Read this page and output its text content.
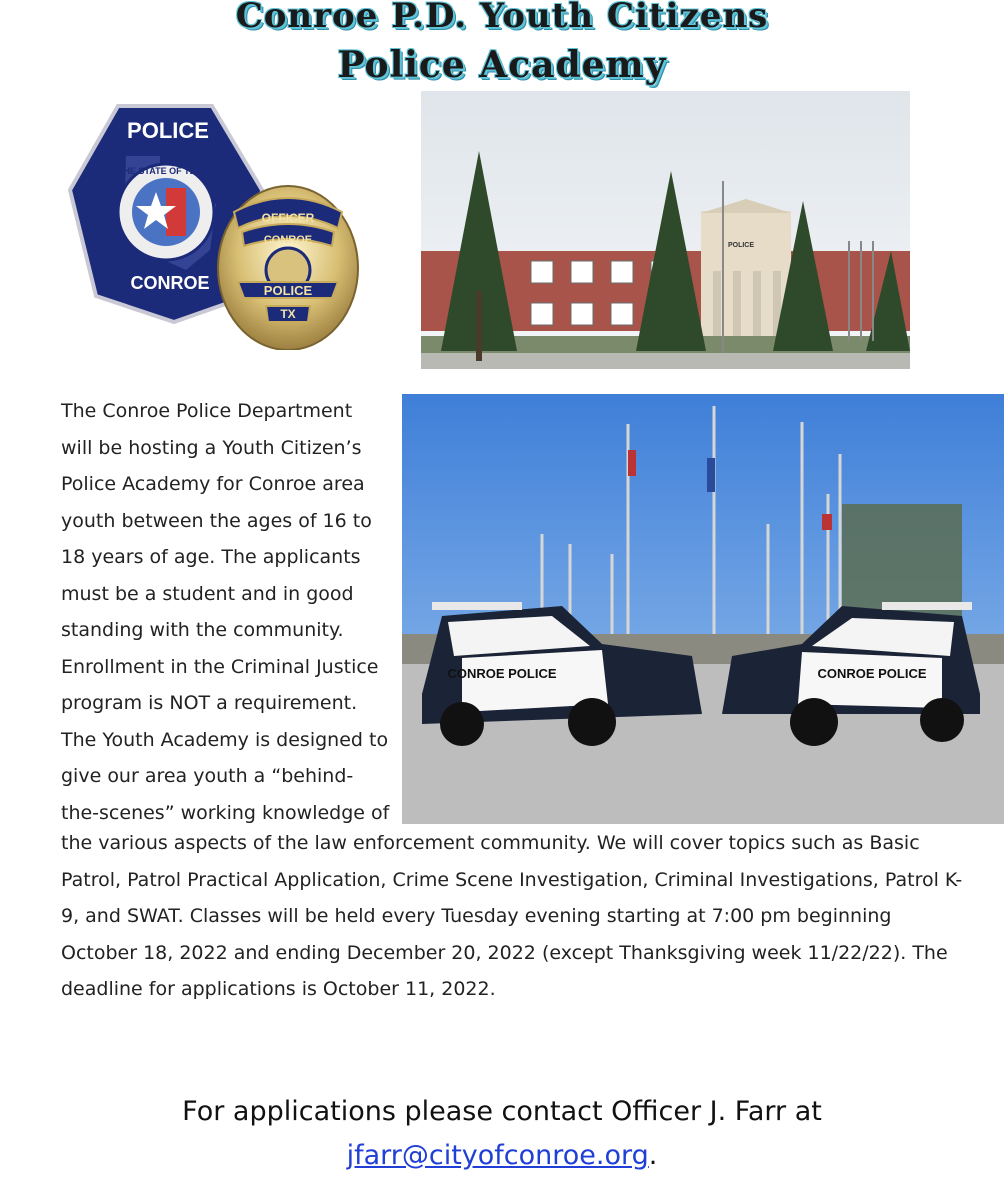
Conroe P.D. Youth Citizens
Police Academy
POLICE
THE STATE OF TEXAS
CONROE
OFFICER
CONROE
POLICE
TX
POLICE
CONROE POLICE	CONROE POLICE
The Conroe Police Department
will be hosting a Youth Citizen’s
Police Academy for Conroe area
youth between the ages of 16 to
18 years of age. The applicants
must be a student and in good
standing with the community.
Enrollment in the Criminal Justice
program is NOT a requirement.
The Youth Academy is designed to
give our area youth a “behind-
the-scenes” working knowledge of
the various aspects of the law enforcement community. We will cover topics such as Basic
Patrol, Patrol Practical Application, Crime Scene Investigation, Criminal Investigations, Patrol K-
9, and SWAT. Classes will be held every Tuesday evening starting at 7:00 pm beginning
October 18, 2022 and ending December 20, 2022 (except Thanksgiving week 11/22/22). The
deadline for applications is October 11, 2022.
For applications please contact Officer J. Farr at
jfarr@cityofconroe.org.
